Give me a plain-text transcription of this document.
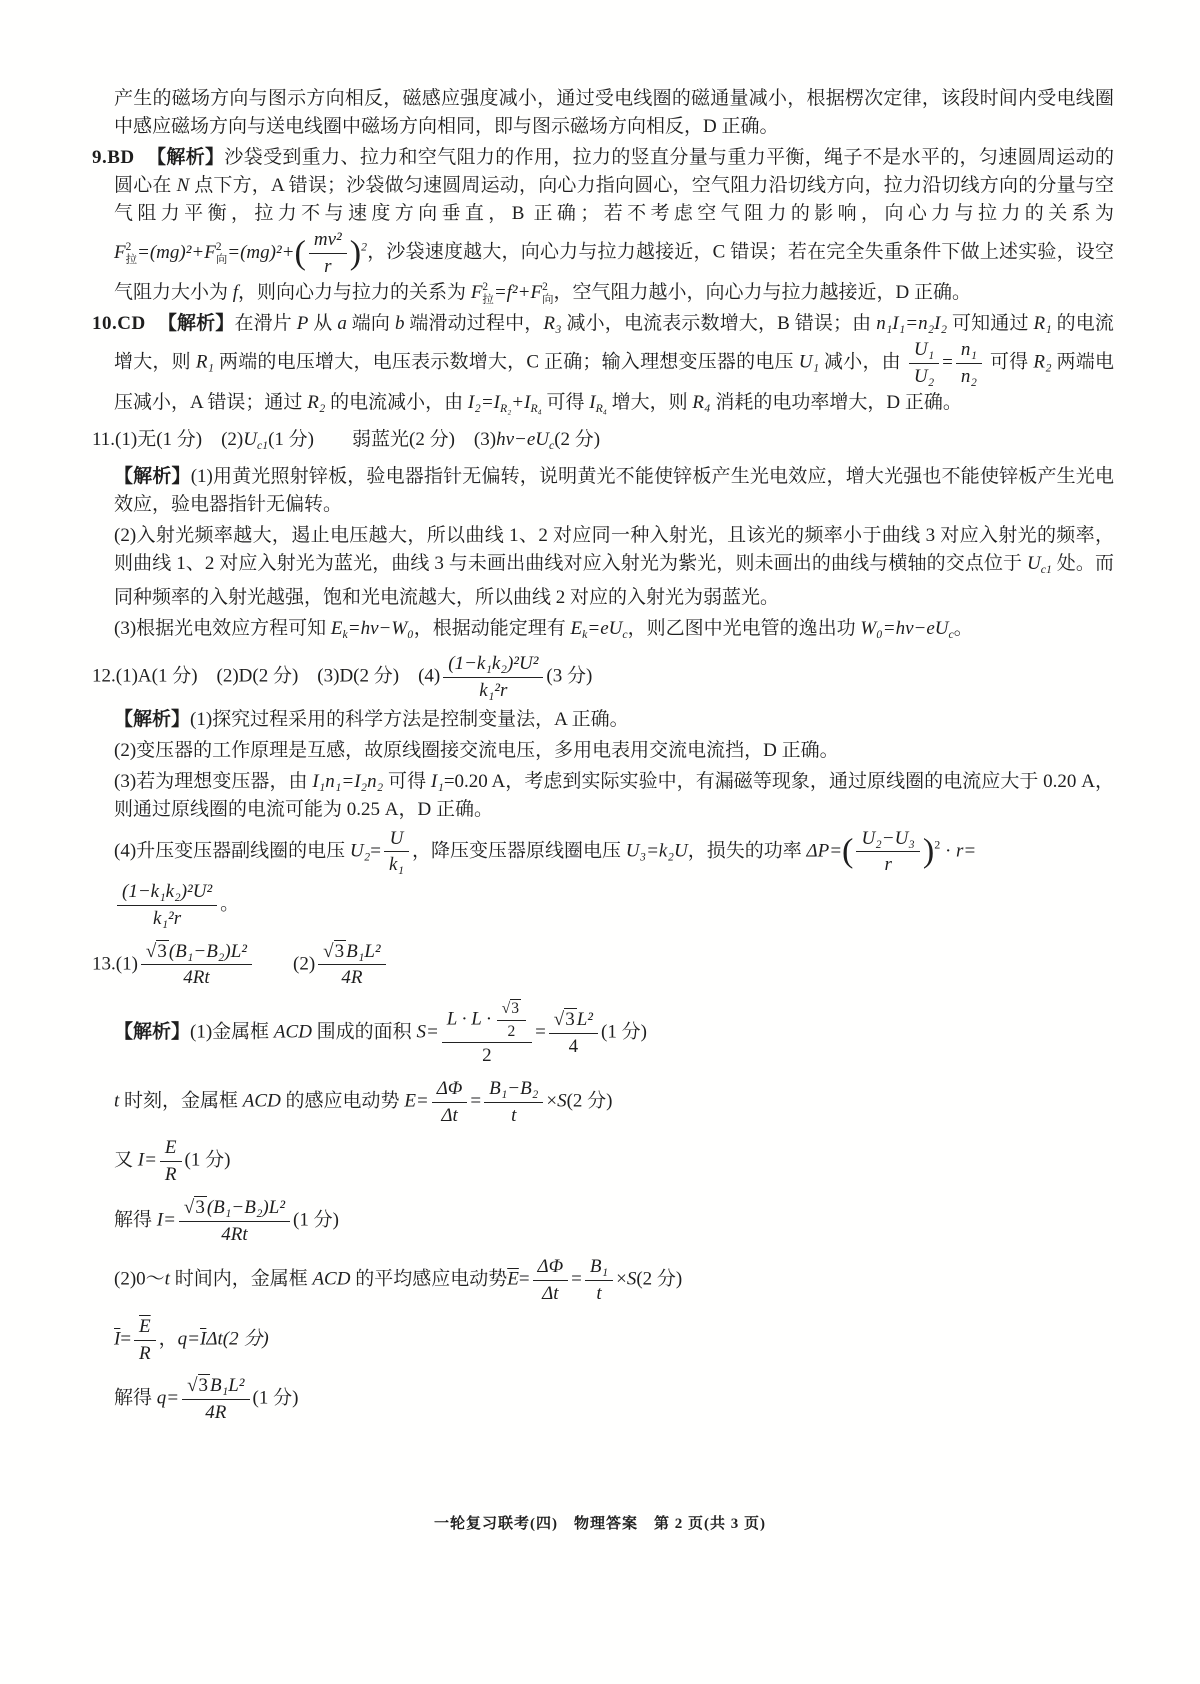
产生的磁场方向与图示方向相反，磁感应强度减小，通过受电线圈的磁通量减小，根据楞次定律，该段时间内受电线圈中感应磁场方向与送电线圈中磁场方向相同，即与图示磁场方向相反，D 正确。
9.BD 【解析】沙袋受到重力、拉力和空气阻力的作用，拉力的竖直分量与重力平衡，绳子不是水平的，匀速圆周运动的圆心在 N 点下方，A 错误；沙袋做匀速圆周运动，向心力指向圆心，空气阻力沿切线方向，拉力沿切线方向的分量与空气阻力平衡，拉力不与速度方向垂直，B 正确；若不考虑空气阻力的影响，向心力与拉力的关系为F 2
拉 =(mg)²+F 2
向 $=(mg)^2+( \frac{\text{mv²}}{r} )^2$，沙袋速度越大，向心力与拉力越接近，C 错误；若在完全失重条件下做上述实验，设空气阻力大小为 f，则向心力与拉力的关系为 F 2
拉 =f²+F 2
向 ，空气阻力越小，向心力与拉力越接近，D 正确。
10.CD 【解析】在滑片 P 从 a 端向 b 端滑动过程中，R₃ 减小，电流表示数增大，B 错误；由 n₁I₁=n₂I₂ 可知通过 R₁ 的电流增大，则 R₁ 两端的电压增大，电压表示数增大，C 正确；输入理想变压器的电压 U₁ 减小，由 $\frac{\text{U₁}}{\text{U₂}} = \frac{\text{n₁}}{\text{n₂}}$ 可得 R₂ 两端电压减小，A 错误；通过 R₂ 的电流减小，由 $I_2=I_{R_2}+I_{R_4}$ 可得 $I_{R_4}$ 增大，则 R₄ 消耗的电功率增大，D 正确。
11.(1)无(1 分)　$(2)U_{c1}(1$ 分)　　弱蓝光(2 分)　$(3)h\nu-eU_c(2$ 分)
【解析】(1)用黄光照射锌板，验电器指针无偏转，说明黄光不能使锌板产生光电效应，增大光强也不能使锌板产生光电效应，验电器指针无偏转。
(2)入射光频率越大，遏止电压越大，所以曲线 1、2 对应同一种入射光，且该光的频率小于曲线 3 对应入射光的频率，则曲线 1、2 对应入射光为蓝光，曲线 3 与未画出曲线对应入射光为紫光，则未画出的曲线与横轴的交点位于 $U_{c1}$ 处。而同种频率的入射光越强，饱和光电流越大，所以曲线 2 对应的入射光为弱蓝光。
(3)根据光电效应方程可知 $E_k=h\nu-W_0$，根据动能定理有 $E_k=eU_c$，则乙图中光电管的逸出功 $W_0=h\nu-eU_c$。
12.(1)A(1 分)　(2)D(2 分)　(3)D(2 分)　$(4) \frac{\text{(1−k₁k₂)²U²}}{\text{k₁²r}} (3$ 分)
【解析】(1)探究过程采用的科学方法是控制变量法，A 正确。
(2)变压器的工作原理是互感，故原线圈接交流电压，多用电表用交流电流挡，D 正确。
(3)若为理想变压器，由 I₁n₁=I₂n₂ 可得 I₁=0.20 A，考虑到实际实验中，有漏磁等现象，通过原线圈的电流应大于 0.20 A，则通过原线圈的电流可能为 0.25 A，D 正确。
(4)升压变压器副线圈的电压 $U_2= \frac{U}{\text{k₁}}$ ，降压变压器原线圈电压 U₃=k₂U，损失的功率 $\Delta P=( \frac{\text{U₂−U₃}}{r} )^2 \cdot r=$
$\frac{\text{(1−k₁k₂)²U²}}{\text{k₁²r}}$ 。
$13.(1) \frac{\text{√3 (B₁−B₂)L²}}{4Rt}$ 　　$(2) \frac{\text{√3 B₁L²}}{4R}$
【解析】(1)金属框 ACD 围成的面积 $S= \frac{L \cdot L \cdot \frac{√3}{2}}{2} = \frac{\text{√3 L²}}{4} (1$ 分)
t 时刻，金属框 ACD 的感应电动势 $E= \frac{\Delta\Phi}{\Delta t} = \frac{\text{B₁−B₂}}{t} \times S(2$ 分)
又 $I= \frac{E}{R} (1$ 分)
解得 $I= \frac{\text{√3 (B₁−B₂)L²}}{4Rt} (1$ 分)
(2)0～t 时间内，金属框 ACD 的平均感应电动势$\overline{E}= \frac{\Delta\Phi}{\Delta t} = \frac{\text{B₁}}{t} \times S(2$ 分)
$\overline{I}= \frac{\overline{E}}{R}$ ，$q=\overline{I}\Delta t(2$ 分)
解得 $q= \frac{\text{√3 B₁L²}}{4R} (1$ 分)
一轮复习联考(四)　物理答案　第 2 页(共 3 页)
